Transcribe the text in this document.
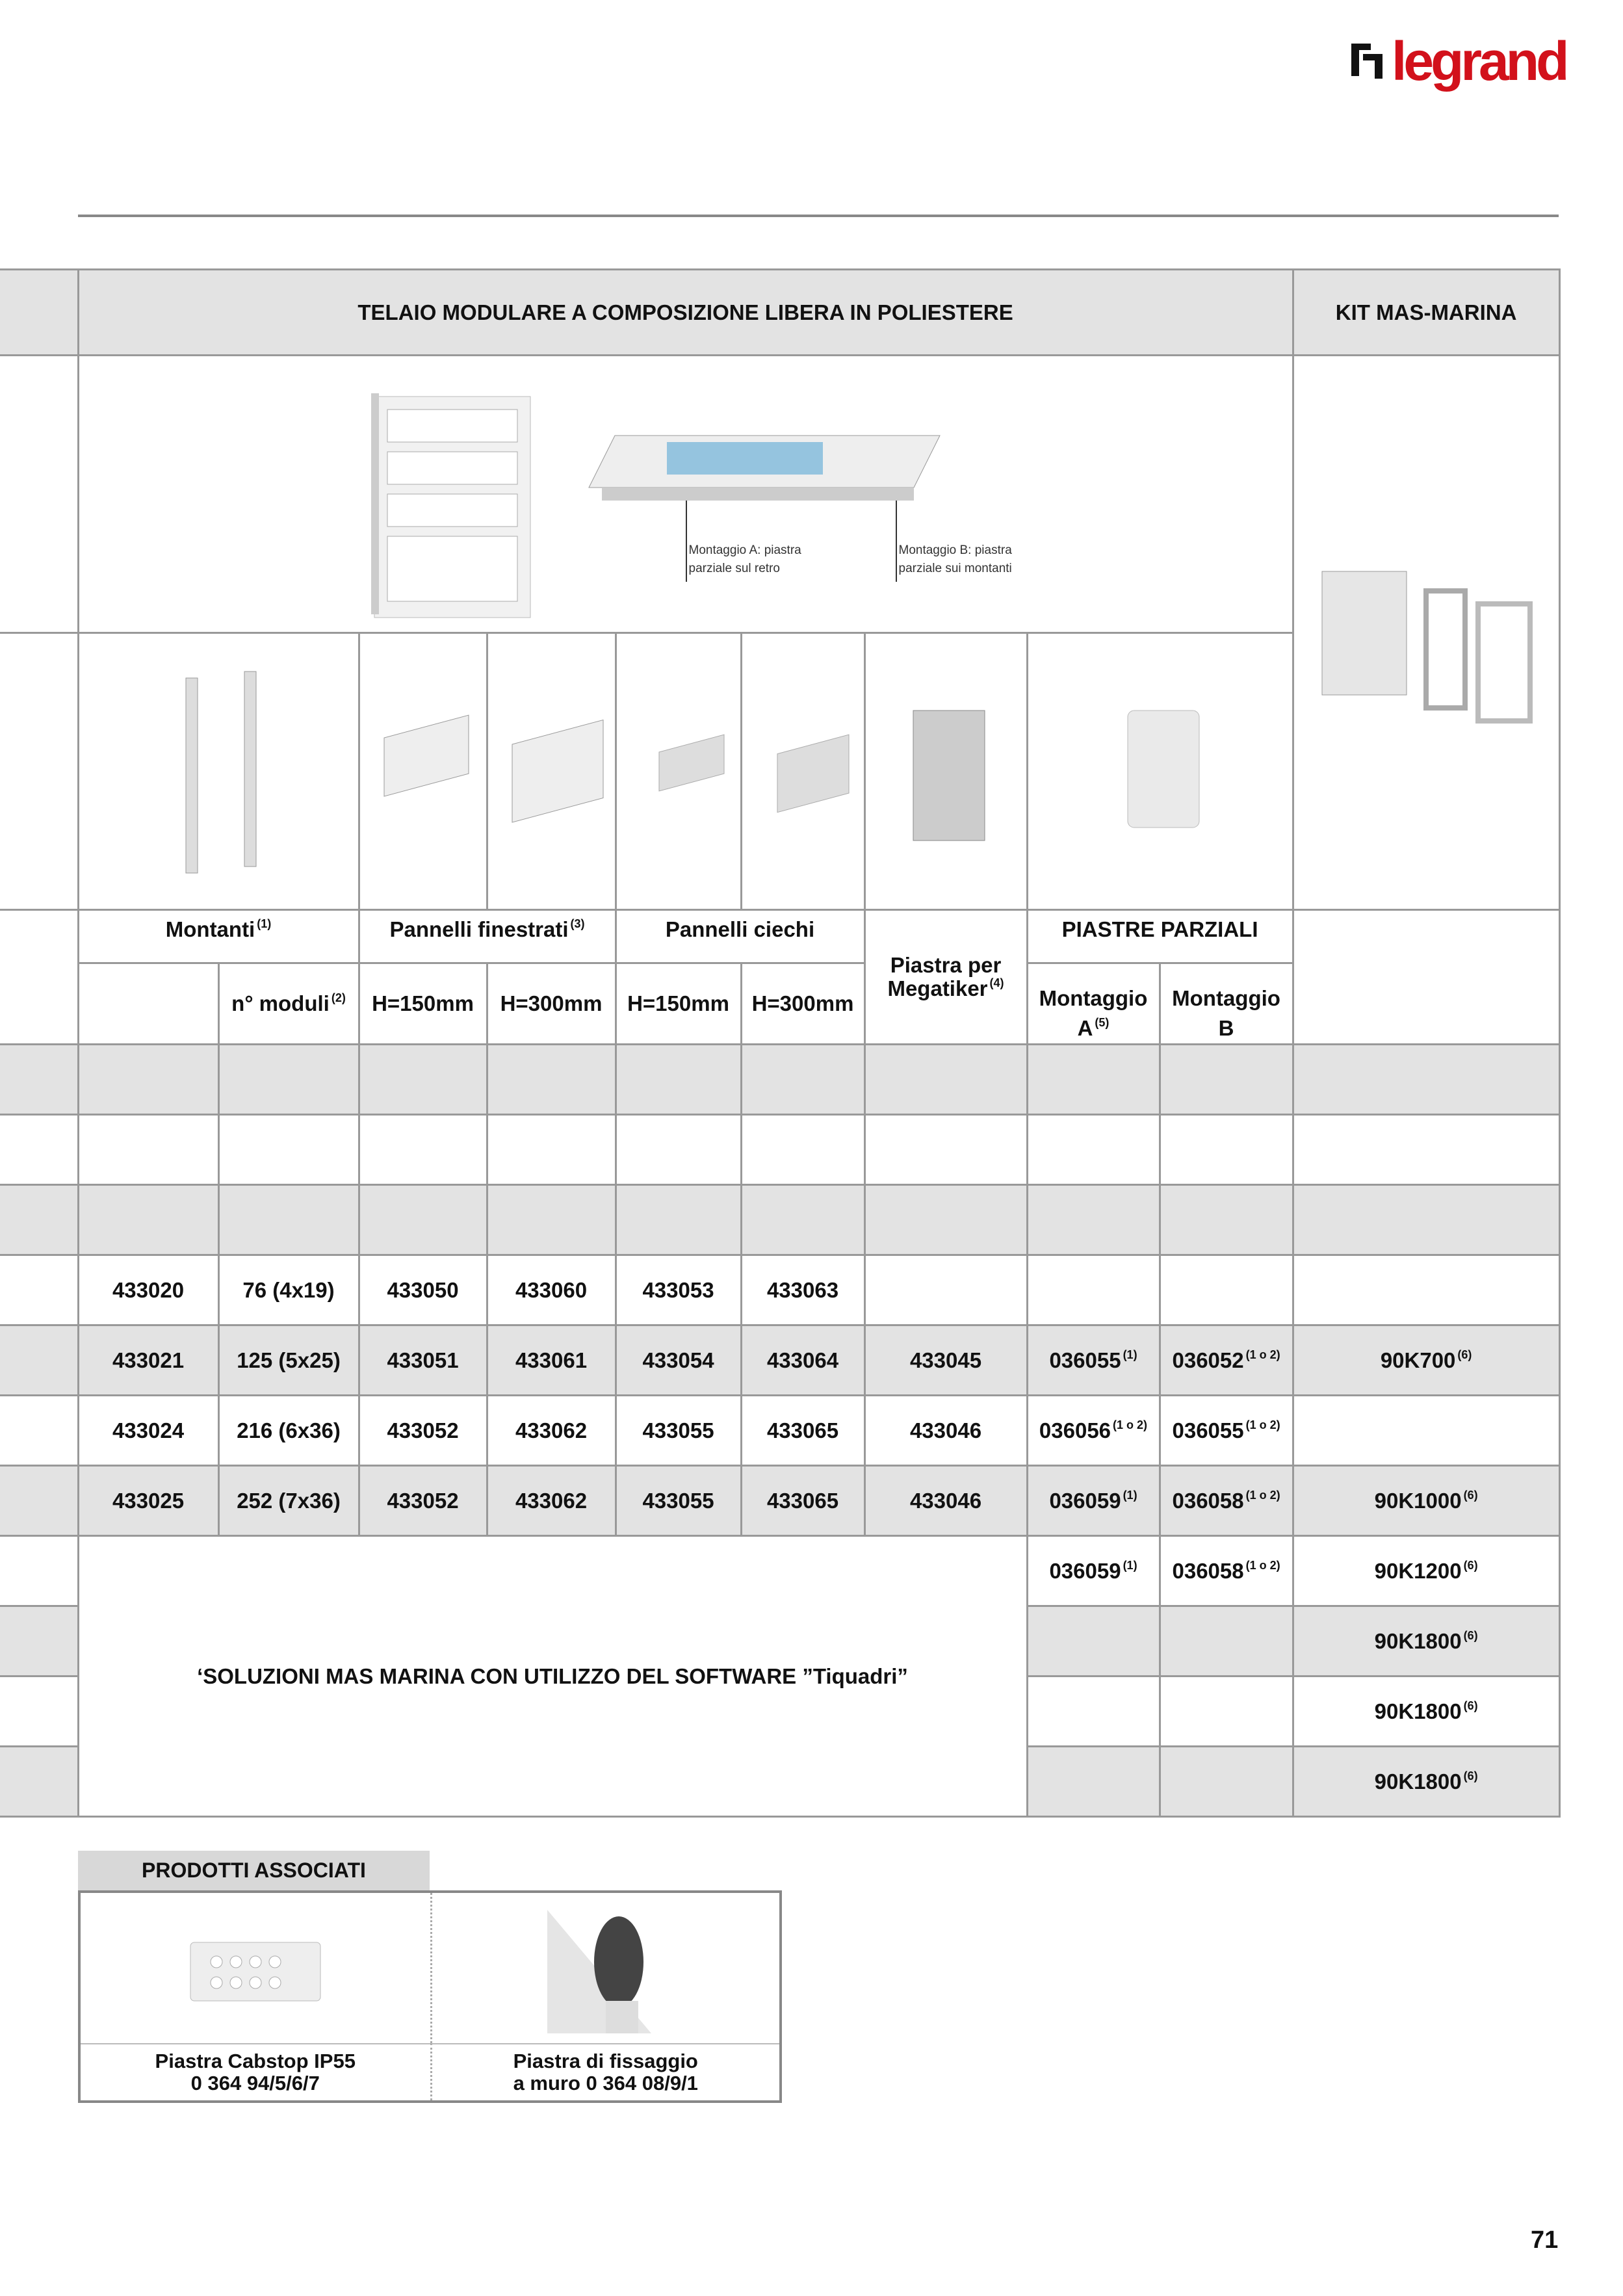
legrand
	TELAIO MODULARE A COMPOSIZIONE LIBERA IN POLIESTERE									KIT MAS-MARINA

	Montaggio A: piastra
parziale sul retro
Montaggio B: piastra
parziale sui montanti

	Montanti $^{(1)}$		Pannelli finestrati $^{(3)}$		Pannelli ciechi		Piastra per
Megatiker $^{(4)}$	PIASTRE PARZIALI		
		n° moduli $^{(2)}$	H=150mm	H=300mm	H=150mm	H=300mm		Montaggio
A $^{(5)}$	Montaggio
B	

	433020	76 (4x19)	433050	433060	433053	433063				
	433021	125 (5x25)	433051	433061	433054	433064	433045	036055 $^{(1)}$	036052 $^{(1 o 2)}$	90K700 $^{(6)}$
	433024	216 (6x36)	433052	433062	433055	433065	433046	036056 $^{(1 o 2)}$	036055 $^{(1 o 2)}$	
	433025	252 (7x36)	433052	433062	433055	433065	433046	036059 $^{(1)}$	036058 $^{(1 o 2)}$	90K1000 $^{(6)}$
	‘SOLUZIONI MAS MARINA CON UTILIZZO DEL SOFTWARE ”Tiquadri”							036059 $^{(1)}$	036058 $^{(1 o 2)}$	90K1200 $^{(6)}$
										90K1800 $^{(6)}$
										90K1800 $^{(6)}$
										90K1800 $^{(6)}$
PRODOTTI ASSOCIATI
Piastra Cabstop IP55
0 364 94/5/6/7
Piastra di fissaggio
a muro 0 364 08/9/1
71
